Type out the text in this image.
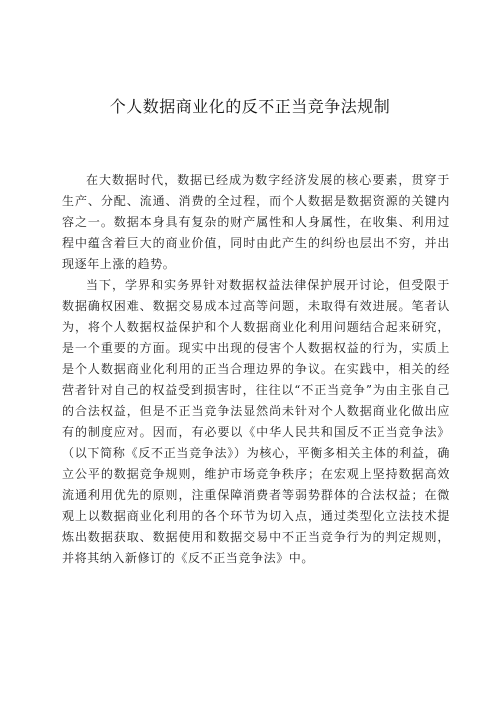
个人数据商业化的反不正当竞争法规制

在大数据时代，数据已经成为数字经济发展的核心要素，贯穿于生产、分配、流通、消费的全过程，而个人数据是数据资源的关键内容之一。数据本身具有复杂的财产属性和人身属性，在收集、利用过程中蕴含着巨大的商业价值，同时由此产生的纠纷也层出不穷，并出现逐年上涨的趋势。

当下，学界和实务界针对数据权益法律保护展开讨论，但受限于数据确权困难、数据交易成本过高等问题，未取得有效进展。笔者认为，将个人数据权益保护和个人数据商业化利用问题结合起来研究，是一个重要的方面。现实中出现的侵害个人数据权益的行为，实质上是个人数据商业化利用的正当合理边界的争议。在实践中，相关的经营者针对自己的权益受到损害时，往往以“不正当竞争”为由主张自己的合法权益，但是不正当竞争法显然尚未针对个人数据商业化做出应有的制度应对。因而，有必要以《中华人民共和国反不正当竞争法》（以下简称《反不正当竞争法》）为核心，平衡多相关主体的利益，确立公平的数据竞争规则，维护市场竞争秩序；在宏观上坚持数据高效流通利用优先的原则，注重保障消费者等弱势群体的合法权益；在微观上以数据商业化利用的各个环节为切入点，通过类型化立法技术提炼出数据获取、数据使用和数据交易中不正当竞争行为的判定规则，并将其纳入新修订的《反不正当竞争法》中。
